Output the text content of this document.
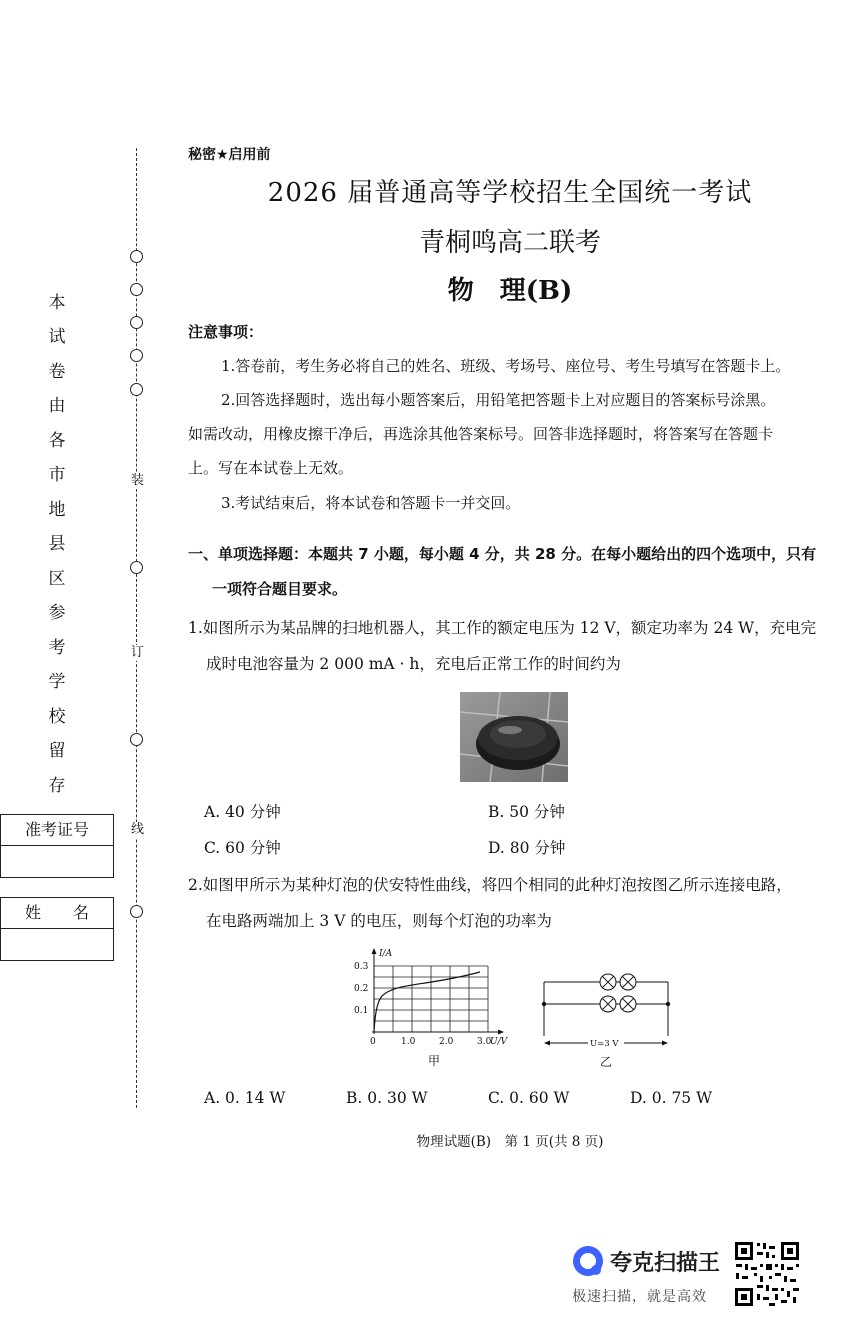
装
订
线
本
试
卷
由
各
市
地
县
区
参
考
学
校
留
存
准考证号
姓　　名
秘密★启用前
2026 届普通高等学校招生全国统一考试
青桐鸣高二联考
物　理(B)
注意事项：
1.答卷前，考生务必将自己的姓名、班级、考场号、座位号、考生号填写在答题卡上。
2.回答选择题时，选出每小题答案后，用铅笔把答题卡上对应题目的答案标号涂黑。
如需改动，用橡皮擦干净后，再选涂其他答案标号。回答非选择题时，将答案写在答题卡
上。写在本试卷上无效。
3.考试结束后，将本试卷和答题卡一并交回。
一、单项选择题：本题共 7 小题，每小题 4 分，共 28 分。在每小题给出的四个选项中，只有
一项符合题目要求。
1.如图所示为某品牌的扫地机器人，其工作的额定电压为 12 V，额定功率为 24 W，充电完
成时电池容量为 2 000 mA · h，充电后正常工作的时间约为
A. 40 分钟	B. 50 分钟
C. 60 分钟	D. 80 分钟
2.如图甲所示为某种灯泡的伏安特性曲线，将四个相同的此种灯泡按图乙所示连接电路，
在电路两端加上 3 V 的电压，则每个灯泡的功率为
I/A
0.3
0.2
0.1
0	1.0	2.0	3.0
U/V
甲
U=3 V
乙
A. 0. 14 W	B. 0. 30 W	C. 0. 60 W	D. 0. 75 W
物理试题(B)　第 1 页(共 8 页)
夸克扫描王
极速扫描，就是高效
